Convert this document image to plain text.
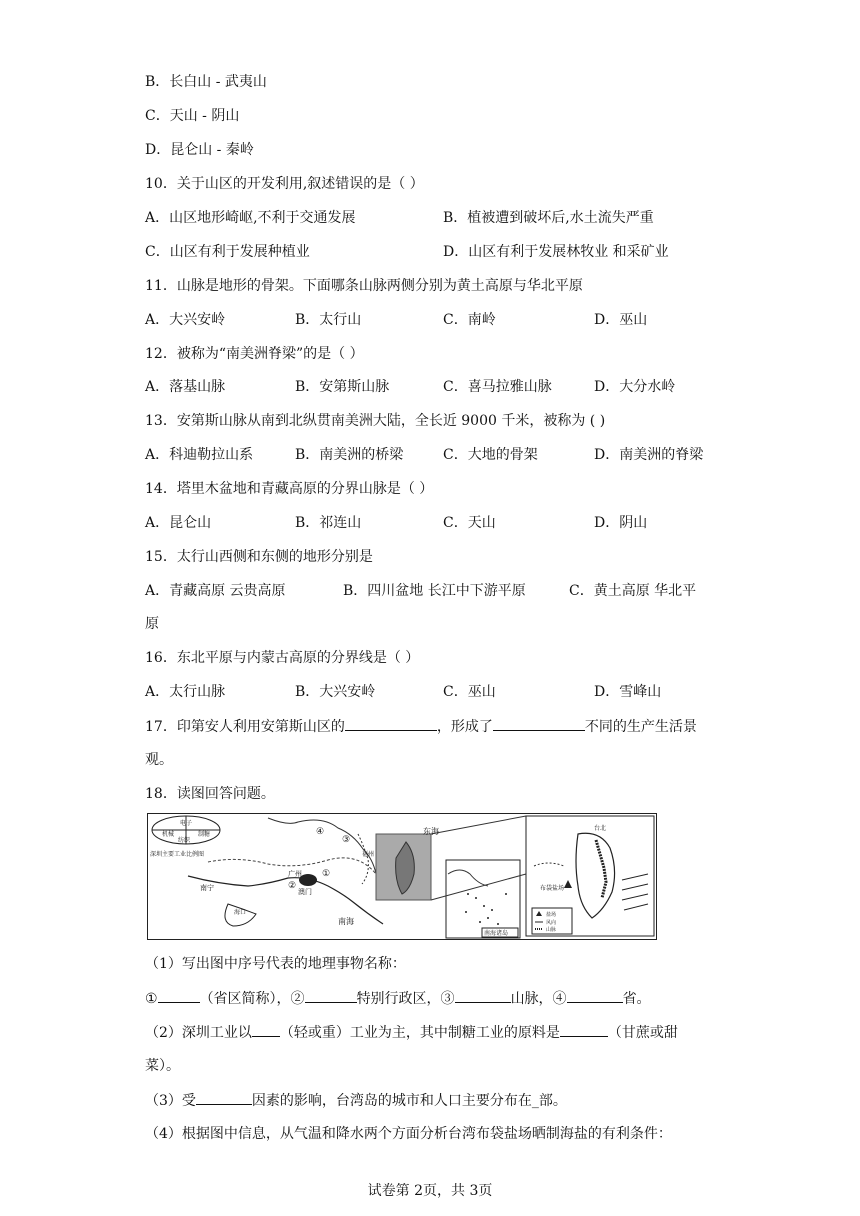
B．长白山 - 武夷山
C．天山 - 阴山
D．昆仑山 - 秦岭
10．关于山区的开发利用,叙述错误的是（ ）
A．山区地形崎岖,不利于交通发展	B．植被遭到破坏后,水土流失严重
C．山区有利于发展种植业	D．山区有利于发展林牧业 和采矿业
11．山脉是地形的骨架。下面哪条山脉两侧分别为黄土高原与华北平原
A．大兴安岭	B．太行山	C．南岭	D．巫山
12．被称为“南美洲脊梁”的是（ ）
A．落基山脉	B．安第斯山脉	C．喜马拉雅山脉	D．大分水岭
13．安第斯山脉从南到北纵贯南美洲大陆，全长近 9000 千米，被称为 ( )
A．科迪勒拉山系	B．南美洲的桥梁	C．大地的骨架	D．南美洲的脊梁
14．塔里木盆地和青藏高原的分界山脉是（ ）
A．昆仑山	B．祁连山	C．天山	D．阴山
15．太行山西侧和东侧的地形分别是
A．青藏高原 云贵高原	B．四川盆地 长江中下游平原	C．黄土高原 华北平
原
16．东北平原与内蒙古高原的分界线是（ ）
A．太行山脉	B．大兴安岭	C．巫山	D．雪峰山
17．印第安人利用安第斯山区的	，形成了	不同的生产生活景
观。
18．读图回答问题。
电子
机械	制糖
纺织
深圳主要工业比例图
南海诸岛
布袋盐场
台北
盐场
风向
山脉
东海
福州
广州
澳门
南宁
海口
南海
④
③
①
②
（1）写出图中序号代表的地理事物名称：
①	（省区简称），②	特别行政区，③	山脉，④	省。
（2）深圳工业以 （轻或重）工业为主，其中制糖工业的原料是	（甘蔗或甜
菜）。
（3）受	因素的影响，台湾岛的城市和人口主要分布在_部。
（4）根据图中信息，从气温和降水两个方面分析台湾布袋盐场晒制海盐的有利条件：
试卷第 2页，共 3页
